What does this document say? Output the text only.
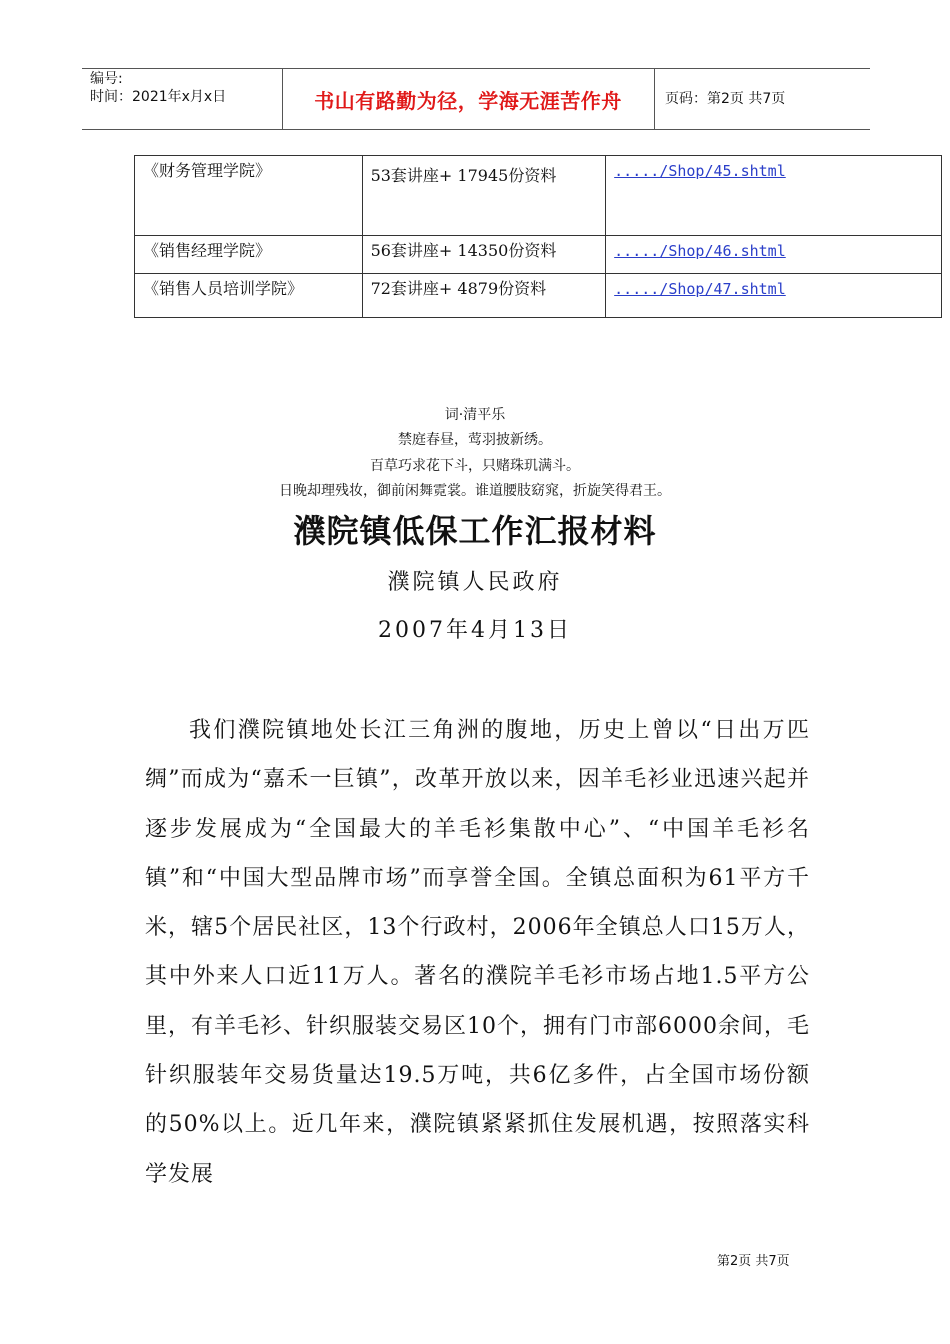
编号:
时间：2021年x月x日	书山有路勤为径，学海无涯苦作舟	页码：第2页 共7页
《财务管理学院》	53套讲座+ 17945份资料	...../Shop/45.shtml
《销售经理学院》	56套讲座+ 14350份资料	...../Shop/46.shtml
《销售人员培训学院》	72套讲座+ 4879份资料	...../Shop/47.shtml
词·清平乐
禁庭春昼，莺羽披新绣。
百草巧求花下斗，只赌珠玑满斗。
日晚却理残妆，御前闲舞霓裳。谁道腰肢窈窕，折旋笑得君王。
濮院镇低保工作汇报材料
濮院镇人民政府
2007年4月13日
我们濮院镇地处长江三角洲的腹地，历史上曾以“日出万匹绸”而成为“嘉禾一巨镇”，改革开放以来，因羊毛衫业迅速兴起并逐步发展成为“全国最大的羊毛衫集散中心”、“中国羊毛衫名镇”和“中国大型品牌市场”而享誉全国。全镇总面积为61平方千米，辖5个居民社区，13个行政村，2006年全镇总人口15万人，其中外来人口近11万人。著名的濮院羊毛衫市场占地1.5平方公里，有羊毛衫、针织服装交易区10个，拥有门市部6000余间，毛针织服装年交易货量达19.5万吨，共6亿多件，占全国市场份额的50%以上。近几年来，濮院镇紧紧抓住发展机遇，按照落实科学发展
第2页 共7页
